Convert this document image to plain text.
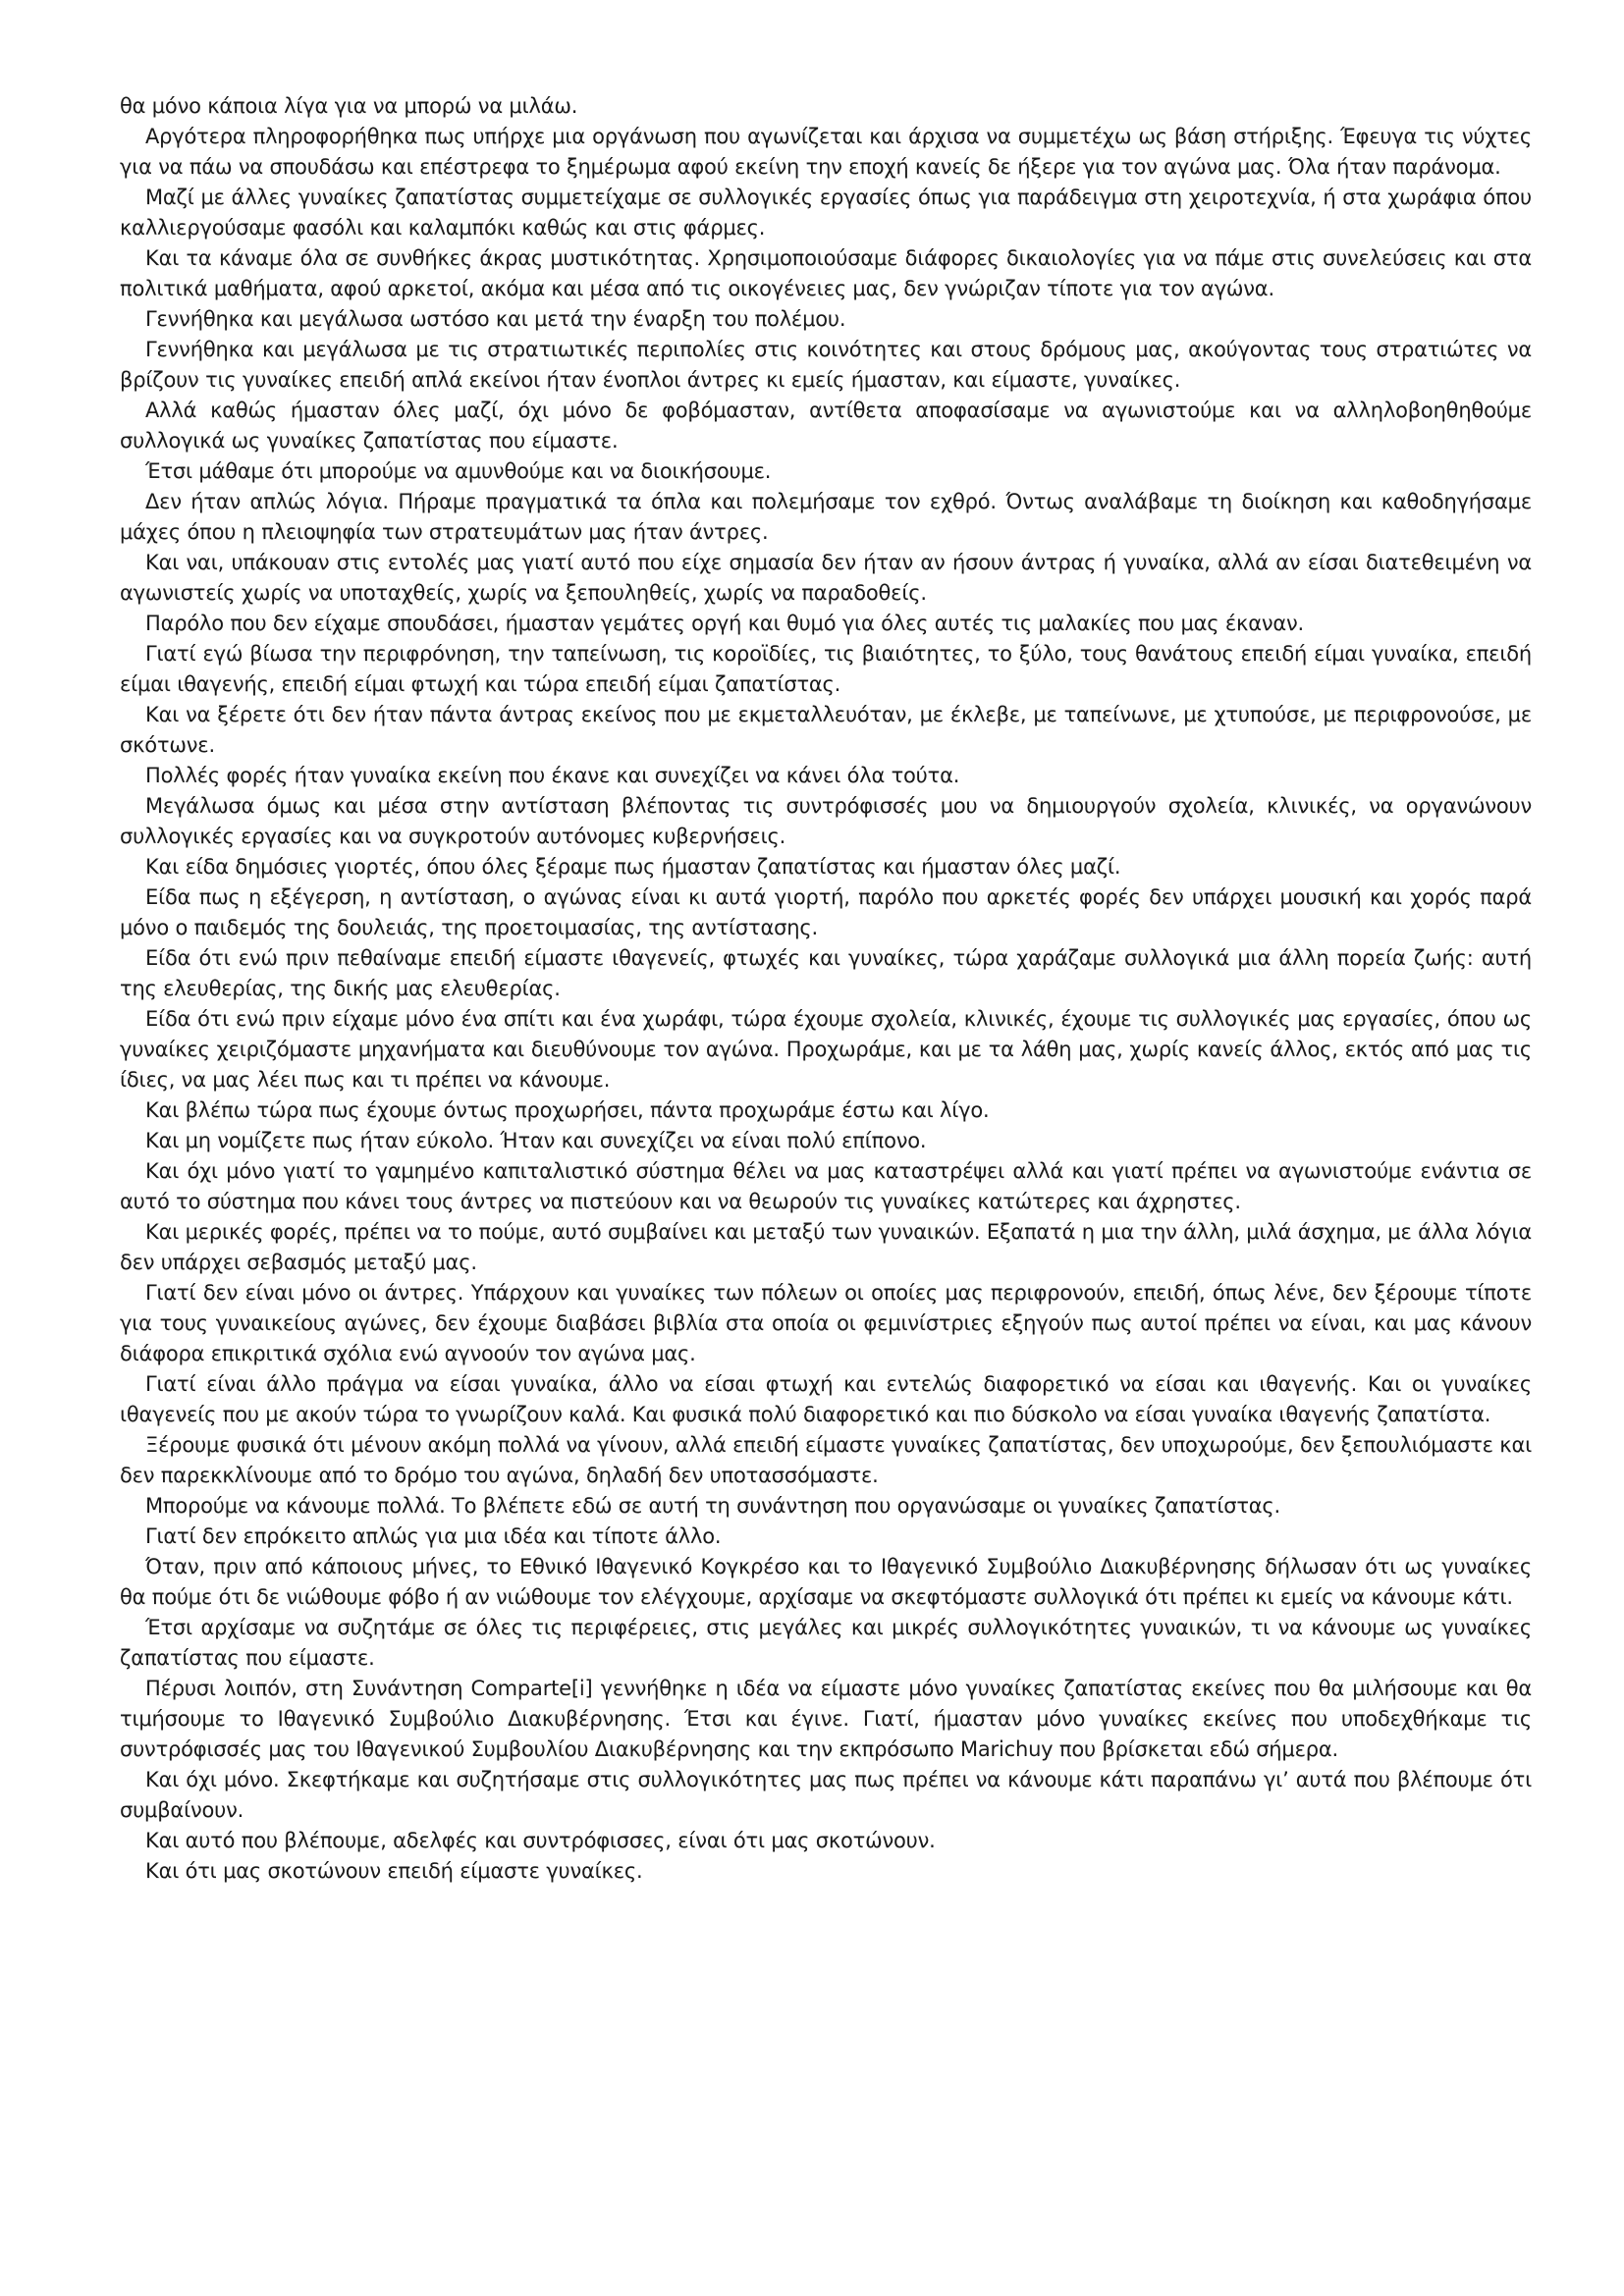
θα μόνο κάποια λίγα για να μπορώ να μιλάω.

Αργότερα πληροφορήθηκα πως υπήρχε μια οργάνωση που αγωνίζεται και άρχισα να συμμετέχω ως βάση στήριξης. Έφευγα τις νύχτες για να πάω να σπουδάσω και επέστρεφα το ξημέρωμα αφού εκείνη την εποχή κανείς δε ήξερε για τον αγώνα μας. Όλα ήταν παράνομα.

Μαζί με άλλες γυναίκες ζαπατίστας συμμετείχαμε σε συλλογικές εργασίες όπως για παράδειγμα στη χειροτεχνία, ή στα χωράφια όπου καλλιεργούσαμε φασόλι και καλαμπόκι καθώς και στις φάρμες.

Και τα κάναμε όλα σε συνθήκες άκρας μυστικότητας. Χρησιμοποιούσαμε διάφορες δικαιολογίες για να πάμε στις συνελεύσεις και στα πολιτικά μαθήματα, αφού αρκετοί, ακόμα και μέσα από τις οικογένειες μας, δεν γνώριζαν τίποτε για τον αγώνα.

Γεννήθηκα και μεγάλωσα ωστόσο και μετά την έναρξη του πολέμου.

Γεννήθηκα και μεγάλωσα με τις στρατιωτικές περιπολίες στις κοινότητες και στους δρόμους μας, ακούγοντας τους στρατιώτες να βρίζουν τις γυναίκες επειδή απλά εκείνοι ήταν ένοπλοι άντρες κι εμείς ήμασταν, και είμαστε, γυναίκες.

Αλλά καθώς ήμασταν όλες μαζί, όχι μόνο δε φοβόμασταν, αντίθετα αποφασίσαμε να αγωνιστούμε και να αλληλοβοηθηθούμε συλλογικά ως γυναίκες ζαπατίστας που είμαστε.

Έτσι μάθαμε ότι μπορούμε να αμυνθούμε και να διοικήσουμε.

Δεν ήταν απλώς λόγια. Πήραμε πραγματικά τα όπλα και πολεμήσαμε τον εχθρό. Όντως αναλάβαμε τη διοίκηση και καθοδηγήσαμε μάχες όπου η πλειοψηφία των στρατευμάτων μας ήταν άντρες.

Και ναι, υπάκουαν στις εντολές μας γιατί αυτό που είχε σημασία δεν ήταν αν ήσουν άντρας ή γυναίκα, αλλά αν είσαι διατεθειμένη να αγωνιστείς χωρίς να υποταχθείς, χωρίς να ξεπουληθείς, χωρίς να παραδοθείς.

Παρόλο που δεν είχαμε σπουδάσει, ήμασταν γεμάτες οργή και θυμό για όλες αυτές τις μαλακίες που μας έκαναν.

Γιατί εγώ βίωσα την περιφρόνηση, την ταπείνωση, τις κοροϊδίες, τις βιαιότητες, το ξύλο, τους θανάτους επειδή είμαι γυναίκα, επειδή είμαι ιθαγενής, επειδή είμαι φτωχή και τώρα επειδή είμαι ζαπατίστας.

Και να ξέρετε ότι δεν ήταν πάντα άντρας εκείνος που με εκμεταλλευόταν, με έκλεβε, με ταπείνωνε, με χτυπούσε, με περιφρονούσε, με σκότωνε.

Πολλές φορές ήταν γυναίκα εκείνη που έκανε και συνεχίζει να κάνει όλα τούτα.

Μεγάλωσα όμως και μέσα στην αντίσταση βλέποντας τις συντρόφισσές μου να δημιουργούν σχολεία, κλινικές, να οργανώνουν συλλογικές εργασίες και να συγκροτούν αυτόνομες κυβερνήσεις.

Και είδα δημόσιες γιορτές, όπου όλες ξέραμε πως ήμασταν ζαπατίστας και ήμασταν όλες μαζί.

Είδα πως η εξέγερση, η αντίσταση, ο αγώνας είναι κι αυτά γιορτή, παρόλο που αρκετές φορές δεν υπάρχει μουσική και χορός παρά μόνο ο παιδεμός της δουλειάς, της προετοιμασίας, της αντίστασης.

Είδα ότι ενώ πριν πεθαίναμε επειδή είμαστε ιθαγενείς, φτωχές και γυναίκες, τώρα χαράζαμε συλλογικά μια άλλη πορεία ζωής: αυτή της ελευθερίας, της δικής μας ελευθερίας.

Είδα ότι ενώ πριν είχαμε μόνο ένα σπίτι και ένα χωράφι, τώρα έχουμε σχολεία, κλινικές, έχουμε τις συλλογικές μας εργασίες, όπου ως γυναίκες χειριζόμαστε μηχανήματα και διευθύνουμε τον αγώνα. Προχωράμε, και με τα λάθη μας, χωρίς κανείς άλλος, εκτός από μας τις ίδιες, να μας λέει πως και τι πρέπει να κάνουμε.

Και βλέπω τώρα πως έχουμε όντως προχωρήσει, πάντα προχωράμε έστω και λίγο.

Και μη νομίζετε πως ήταν εύκολο. Ήταν και συνεχίζει να είναι πολύ επίπονο.

Και όχι μόνο γιατί το γαμημένο καπιταλιστικό σύστημα θέλει να μας καταστρέψει αλλά και γιατί πρέπει να αγωνιστούμε ενάντια σε αυτό το σύστημα που κάνει τους άντρες να πιστεύουν και να θεωρούν τις γυναίκες κατώτερες και άχρηστες.

Και μερικές φορές, πρέπει να το πούμε, αυτό συμβαίνει και μεταξύ των γυναικών. Εξαπατά η μια την άλλη, μιλά άσχημα, με άλλα λόγια δεν υπάρχει σεβασμός μεταξύ μας.

Γιατί δεν είναι μόνο οι άντρες. Υπάρχουν και γυναίκες των πόλεων οι οποίες μας περιφρονούν, επειδή, όπως λένε, δεν ξέρουμε τίποτε για τους γυναικείους αγώνες, δεν έχουμε διαβάσει βιβλία στα οποία οι φεμινίστριες εξηγούν πως αυτοί πρέπει να είναι, και μας κάνουν διάφορα επικριτικά σχόλια ενώ αγνοούν τον αγώνα μας.

Γιατί είναι άλλο πράγμα να είσαι γυναίκα, άλλο να είσαι φτωχή και εντελώς διαφορετικό να είσαι και ιθαγενής. Και οι γυναίκες ιθαγενείς που με ακούν τώρα το γνωρίζουν καλά. Και φυσικά πολύ διαφορετικό και πιο δύσκολο να είσαι γυναίκα ιθαγενής ζαπατίστα.

Ξέρουμε φυσικά ότι μένουν ακόμη πολλά να γίνουν, αλλά επειδή είμαστε γυναίκες ζαπατίστας, δεν υποχωρούμε, δεν ξεπουλιόμαστε και δεν παρεκκλίνουμε από το δρόμο του αγώνα, δηλαδή δεν υποτασσόμαστε.

Μπορούμε να κάνουμε πολλά. Το βλέπετε εδώ σε αυτή τη συνάντηση που οργανώσαμε οι γυναίκες ζαπατίστας.

Γιατί δεν επρόκειτο απλώς για μια ιδέα και τίποτε άλλο.

Όταν, πριν από κάποιους μήνες, το Εθνικό Ιθαγενικό Κογκρέσο και το Ιθαγενικό Συμβούλιο Διακυβέρνησης δήλωσαν ότι ως γυναίκες θα πούμε ότι δε νιώθουμε φόβο ή αν νιώθουμε τον ελέγχουμε, αρχίσαμε να σκεφτόμαστε συλλογικά ότι πρέπει κι εμείς να κάνουμε κάτι.

Έτσι αρχίσαμε να συζητάμε σε όλες τις περιφέρειες, στις μεγάλες και μικρές συλλογικότητες γυναικών, τι να κάνουμε ως γυναίκες ζαπατίστας που είμαστε.

Πέρυσι λοιπόν, στη Συνάντηση Comparte[i] γεννήθηκε η ιδέα να είμαστε μόνο γυναίκες ζαπατίστας εκείνες που θα μιλήσουμε και θα τιμήσουμε το Ιθαγενικό Συμβούλιο Διακυβέρνησης. Έτσι και έγινε. Γιατί, ήμασταν μόνο γυναίκες εκείνες που υποδεχθήκαμε τις συντρόφισσές μας του Ιθαγενικού Συμβουλίου Διακυβέρνησης και την εκπρόσωπο Marichuy που βρίσκεται εδώ σήμερα.

Και όχι μόνο. Σκεφτήκαμε και συζητήσαμε στις συλλογικότητες μας πως πρέπει να κάνουμε κάτι παραπάνω γι’ αυτά που βλέπουμε ότι συμβαίνουν.

Και αυτό που βλέπουμε, αδελφές και συντρόφισσες, είναι ότι μας σκοτώνουν.

Και ότι μας σκοτώνουν επειδή είμαστε γυναίκες.
